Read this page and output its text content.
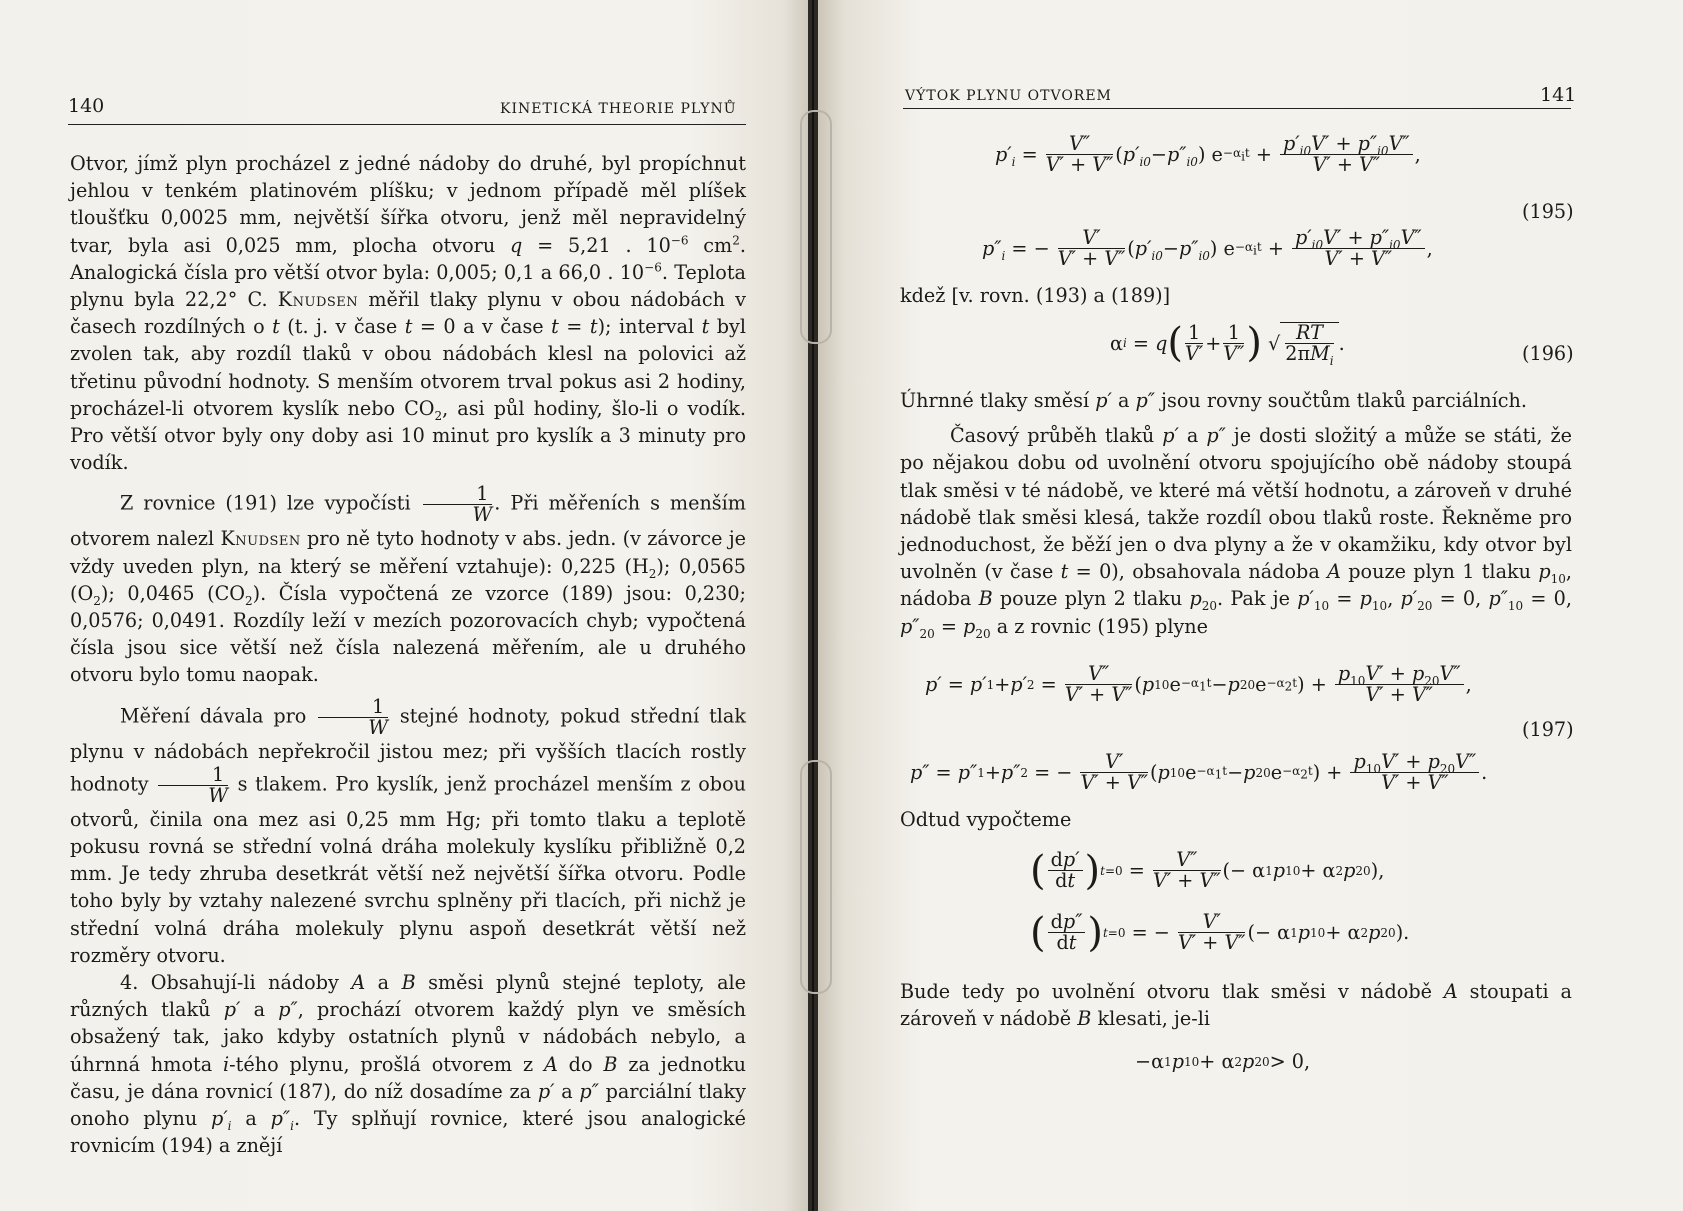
140	KINETICKÁ THEORIE PLYNŮ

Otvor, jímž plyn procházel z jedné nádoby do druhé, byl propíchnut jehlou v tenkém platinovém plíšku; v jednom případě měl plíšek tloušťku 0,0025 mm, největší šířka otvoru, jenž měl nepravidelný tvar, byla asi 0,025 mm, plocha otvoru q = 5,21 . $10^{-6}$ $cm^2$. Analogická čísla pro větší otvor byla: 0,005; 0,1 a 66,0 . $10^{-6}$. Teplota plynu byla 22,2° C. Knudsen měřil tlaky plynu v obou nádobách v časech rozdílných o t (t. j. v čase t = 0 a v čase t = t); interval t byl zvolen tak, aby rozdíl tlaků v obou nádobách klesl na polovici až třetinu původní hodnoty. S menším otvorem trval pokus asi 2 hodiny, procházel-li otvorem kyslík nebo $CO_2$, asi půl hodiny, šlo-li o vodík. Pro větší otvor byly ony doby asi 10 minut pro kyslík a 3 minuty pro vodík.

Z rovnice (191) lze vypočísti $\frac{1}{W}$ . Při měřeních s menším otvorem nalezl Knudsen pro ně tyto hodnoty v abs. jedn. (v závorce je vždy uveden plyn, na který se měření vztahuje): 0,225 $(H_2)$; 0,0565 $(O_2)$; 0,0465 $(CO_2)$. Čísla vypočtená ze vzorce (189) jsou: 0,230; 0,0576; 0,0491. Rozdíly leží v mezích pozorovacích chyb; vypočtená čísla jsou sice větší než čísla nalezená měřením, ale u druhého otvoru bylo tomu naopak.

Měření dávala pro $\frac{1}{W}$ stejné hodnoty, pokud střední tlak plynu v nádobách nepřekročil jistou mez; při vyšších tlacích rostly hodnoty $\frac{1}{W}$ s tlakem. Pro kyslík, jenž procházel menším z obou otvorů, činila ona mez asi 0,25 mm Hg; při tomto tlaku a teplotě pokusu rovná se střední volná dráha molekuly kyslíku přibližně 0,2 mm. Je tedy zhruba desetkrát větší než největší šířka otvoru. Podle toho byly by vztahy nalezené svrchu splněny při tlacích, při nichž je střední volná dráha molekuly plynu aspoň desetkrát větší než rozměry otvoru.

4. Obsahují-li nádoby A a B směsi plynů stejné teploty, ale různých tlaků p′ a p″, prochází otvorem každý plyn ve směsích obsažený tak, jako kdyby ostatních plynů v nádobách nebylo, a úhrnná hmota i-tého plynu, prošlá otvorem z A do B za jednotku času, je dána rovnicí (187), do níž dosadíme za p′ a p″ parciální tlaky onoho plynu $p'_i$ a $p''_i$. Ty splňují rovnice, které jsou analogické rovnicím (194) a znějí

VÝTOK PLYNU OTVOREM	141
$p'_i = \frac{V''}{V' + V''}$ ( $p'_{i0} - p''_{i0}$ ) $e -\alpha_it + \frac{p'_{i0}V' + p''_{i0}V''}{V' + V''}$ ,
(195)
$p''_i$ = − $\frac{V'}{V' + V''}$ ( $p'_{i0} - p''_{i0}$ ) $e -\alpha_it + \frac{p'_{i0}V' + p''_{i0}V''}{V' + V''}$ ,

kdež [v. rovn. (193) a (189)]

α i = q ( $\frac{1}{V'} + \frac{1}{V''}$ ) √ $\frac{RT}{2\pi M_i}$ .	(196)

Úhrnné tlaky směsí p′ a p″ jsou rovny součtům tlaků parciálních.

Časový průběh tlaků p′ a p″ je dosti složitý a může se státi, že po nějakou dobu od uvolnění otvoru spojujícího obě nádoby stoupá tlak směsi v té nádobě, ve které má větší hodnotu, a zároveň v druhé nádobě tlak směsi klesá, takže rozdíl obou tlaků roste. Řekněme pro jednoduchost, že běží jen o dva plyny a že v okamžiku, kdy otvor byl uvolněn (v čase t = 0), obsahovala nádoba A pouze plyn 1 tlaku $p_{10}$, nádoba B pouze plyn 2 tlaku $p_{20}$. Pak je $p'_{10} = p_{10}$, $p'_{20} = 0$, $p''_{10} = 0$, $p''_{20} = p_{20}$ a z rovnic (195) plyne

p′ = p′ 1 + p′ $2 = \frac{V''}{V' + V''}$ ( p 10 $e -\alpha_1t - p$ 20 $e -\alpha_2t$ ) + $\frac{p_{10}V' + p_{20}V''}{V' + V''}$ ,
(197)
p″ = p″ 1 + p″ 2 = − $\frac{V'}{V' + V''}$ ( p 10 $e -\alpha_1t - p$ 20 $e -\alpha_2t$ ) + $\frac{p_{10}V' + p_{20}V''}{V' + V''}$ .

Odtud vypočteme

( $\frac{dp'}{dt}$ ) $t=0 = \frac{V''}{V' + V''}$ (− α 1 p 10 + α 2 p 20 ),
( $\frac{dp''}{dt}$ ) t=0 = − $\frac{V'}{V' + V''}$ (− α 1 p 10 + α 2 p 20 ).

Bude tedy po uvolnění otvoru tlak směsi v nádobě A stoupati a zároveň v nádobě B klesati, je-li

−α 1 p 10 + α 2 p 20 > 0,
